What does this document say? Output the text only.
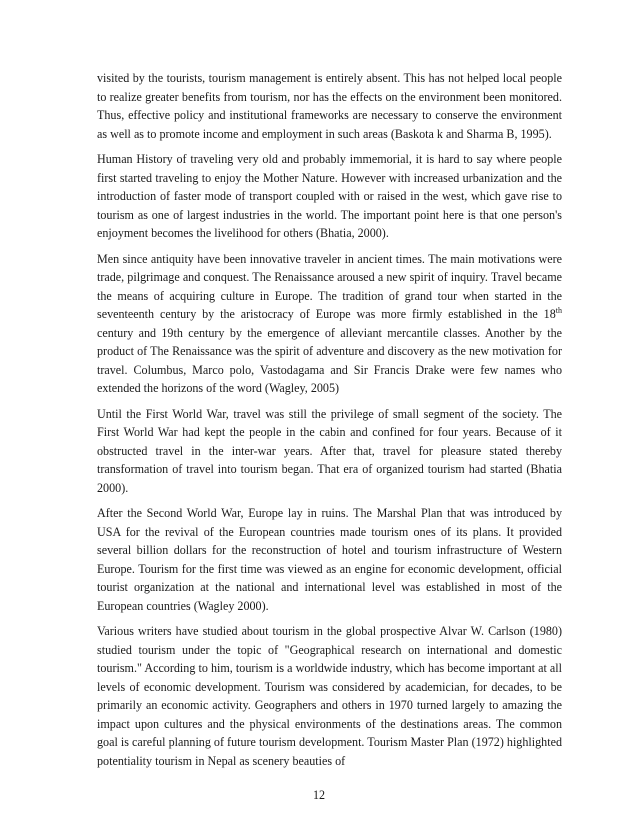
visited by the tourists, tourism management is entirely absent. This has not helped local people to realize greater benefits from tourism, nor has the effects on the environment been monitored. Thus, effective policy and institutional frameworks are necessary to conserve the environment as well as to promote income and employment in such areas (Baskota k and Sharma B, 1995).

Human History of traveling very old and probably immemorial, it is hard to say where people first started traveling to enjoy the Mother Nature. However with increased urbanization and the introduction of faster mode of transport coupled with or raised in the west, which gave rise to tourism as one of largest industries in the world. The important point here is that one person's enjoyment becomes the livelihood for others (Bhatia, 2000).

Men since antiquity have been innovative traveler in ancient times. The main motivations were trade, pilgrimage and conquest. The Renaissance aroused a new spirit of inquiry. Travel became the means of acquiring culture in Europe. The tradition of grand tour when started in the seventeenth century by the aristocracy of Europe was more firmly established in the 18th century and 19th century by the emergence of alleviant mercantile classes. Another by the product of The Renaissance was the spirit of adventure and discovery as the new motivation for travel. Columbus, Marco polo, Vastodagama and Sir Francis Drake were few names who extended the horizons of the word (Wagley, 2005)

Until the First World War, travel was still the privilege of small segment of the society. The First World War had kept the people in the cabin and confined for four years. Because of it obstructed travel in the inter-war years. After that, travel for pleasure stated thereby transformation of travel into tourism began. That era of organized tourism had started (Bhatia 2000).

After the Second World War, Europe lay in ruins. The Marshal Plan that was introduced by USA for the revival of the European countries made tourism ones of its plans. It provided several billion dollars for the reconstruction of hotel and tourism infrastructure of Western Europe. Tourism for the first time was viewed as an engine for economic development, official tourist organization at the national and international level was established in most of the European countries (Wagley 2000).

Various writers have studied about tourism in the global prospective Alvar W. Carlson (1980) studied tourism under the topic of "Geographical research on international and domestic tourism." According to him, tourism is a worldwide industry, which has become important at all levels of economic development. Tourism was considered by academician, for decades, to be primarily an economic activity. Geographers and others in 1970 turned largely to amazing the impact upon cultures and the physical environments of the destinations areas. The common goal is careful planning of future tourism development. Tourism Master Plan (1972) highlighted potentiality tourism in Nepal as scenery beauties of

12
